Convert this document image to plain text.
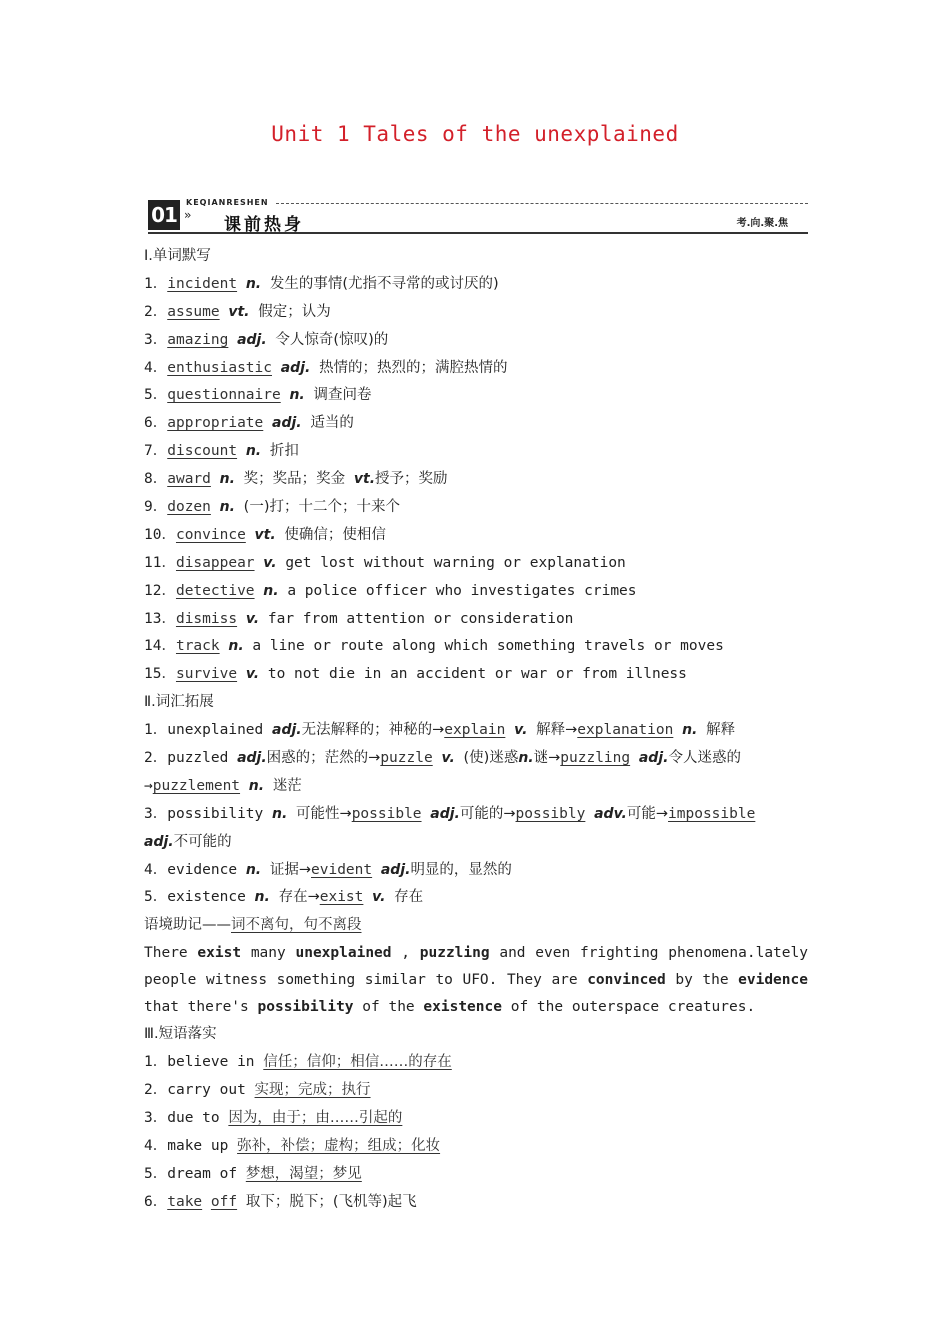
Unit 1 Tales of the unexplained
KEQIANRESHEN
01 » 课前热身	考.向.聚.焦
Ⅰ.单词默写
1．incident n. 发生的事情(尤指不寻常的或讨厌的)
2．assume vt. 假定；认为
3．amazing adj. 令人惊奇(惊叹)的
4．enthusiastic adj. 热情的；热烈的；满腔热情的
5．questionnaire n. 调查问卷
6．appropriate adj. 适当的
7．discount n. 折扣
8．award n. 奖；奖品；奖金 vt.授予；奖励
9．dozen n. (一)打；十二个；十来个
10．convince vt. 使确信；使相信
11．disappear v. get lost without warning or explanation
12．detective n. a police officer who investigates crimes
13．dismiss v. far from attention or consideration
14．track n. a line or route along which something travels or moves
15．survive v. to not die in an accident or war or from illness
Ⅱ.词汇拓展
1．unexplained adj.无法解释的；神秘的→explain v. 解释→explanation n. 解释
2．puzzled adj.困惑的；茫然的→puzzle v. (使)迷惑n.谜→puzzling adj.令人迷惑的
→puzzlement n. 迷茫
3．possibility n. 可能性→possible adj.可能的→possibly adv.可能→impossible
adj.不可能的
4．evidence n. 证据→evident adj.明显的，显然的
5．existence n. 存在→exist v. 存在
语境助记——词不离句，句不离段
There exist many unexplained , puzzling and even frighting phenomena.lately
people witness something similar to UFO. They are convinced by the evidence
that there's possibility of the existence of the outerspace creatures.
Ⅲ.短语落实
1．believe in 信任；信仰；相信……的存在
2．carry out 实现；完成；执行
3．due to 因为，由于；由……引起的
4．make up 弥补，补偿；虚构；组成；化妆
5．dream of 梦想，渴望；梦见
6．take off 取下；脱下；(飞机等)起飞
